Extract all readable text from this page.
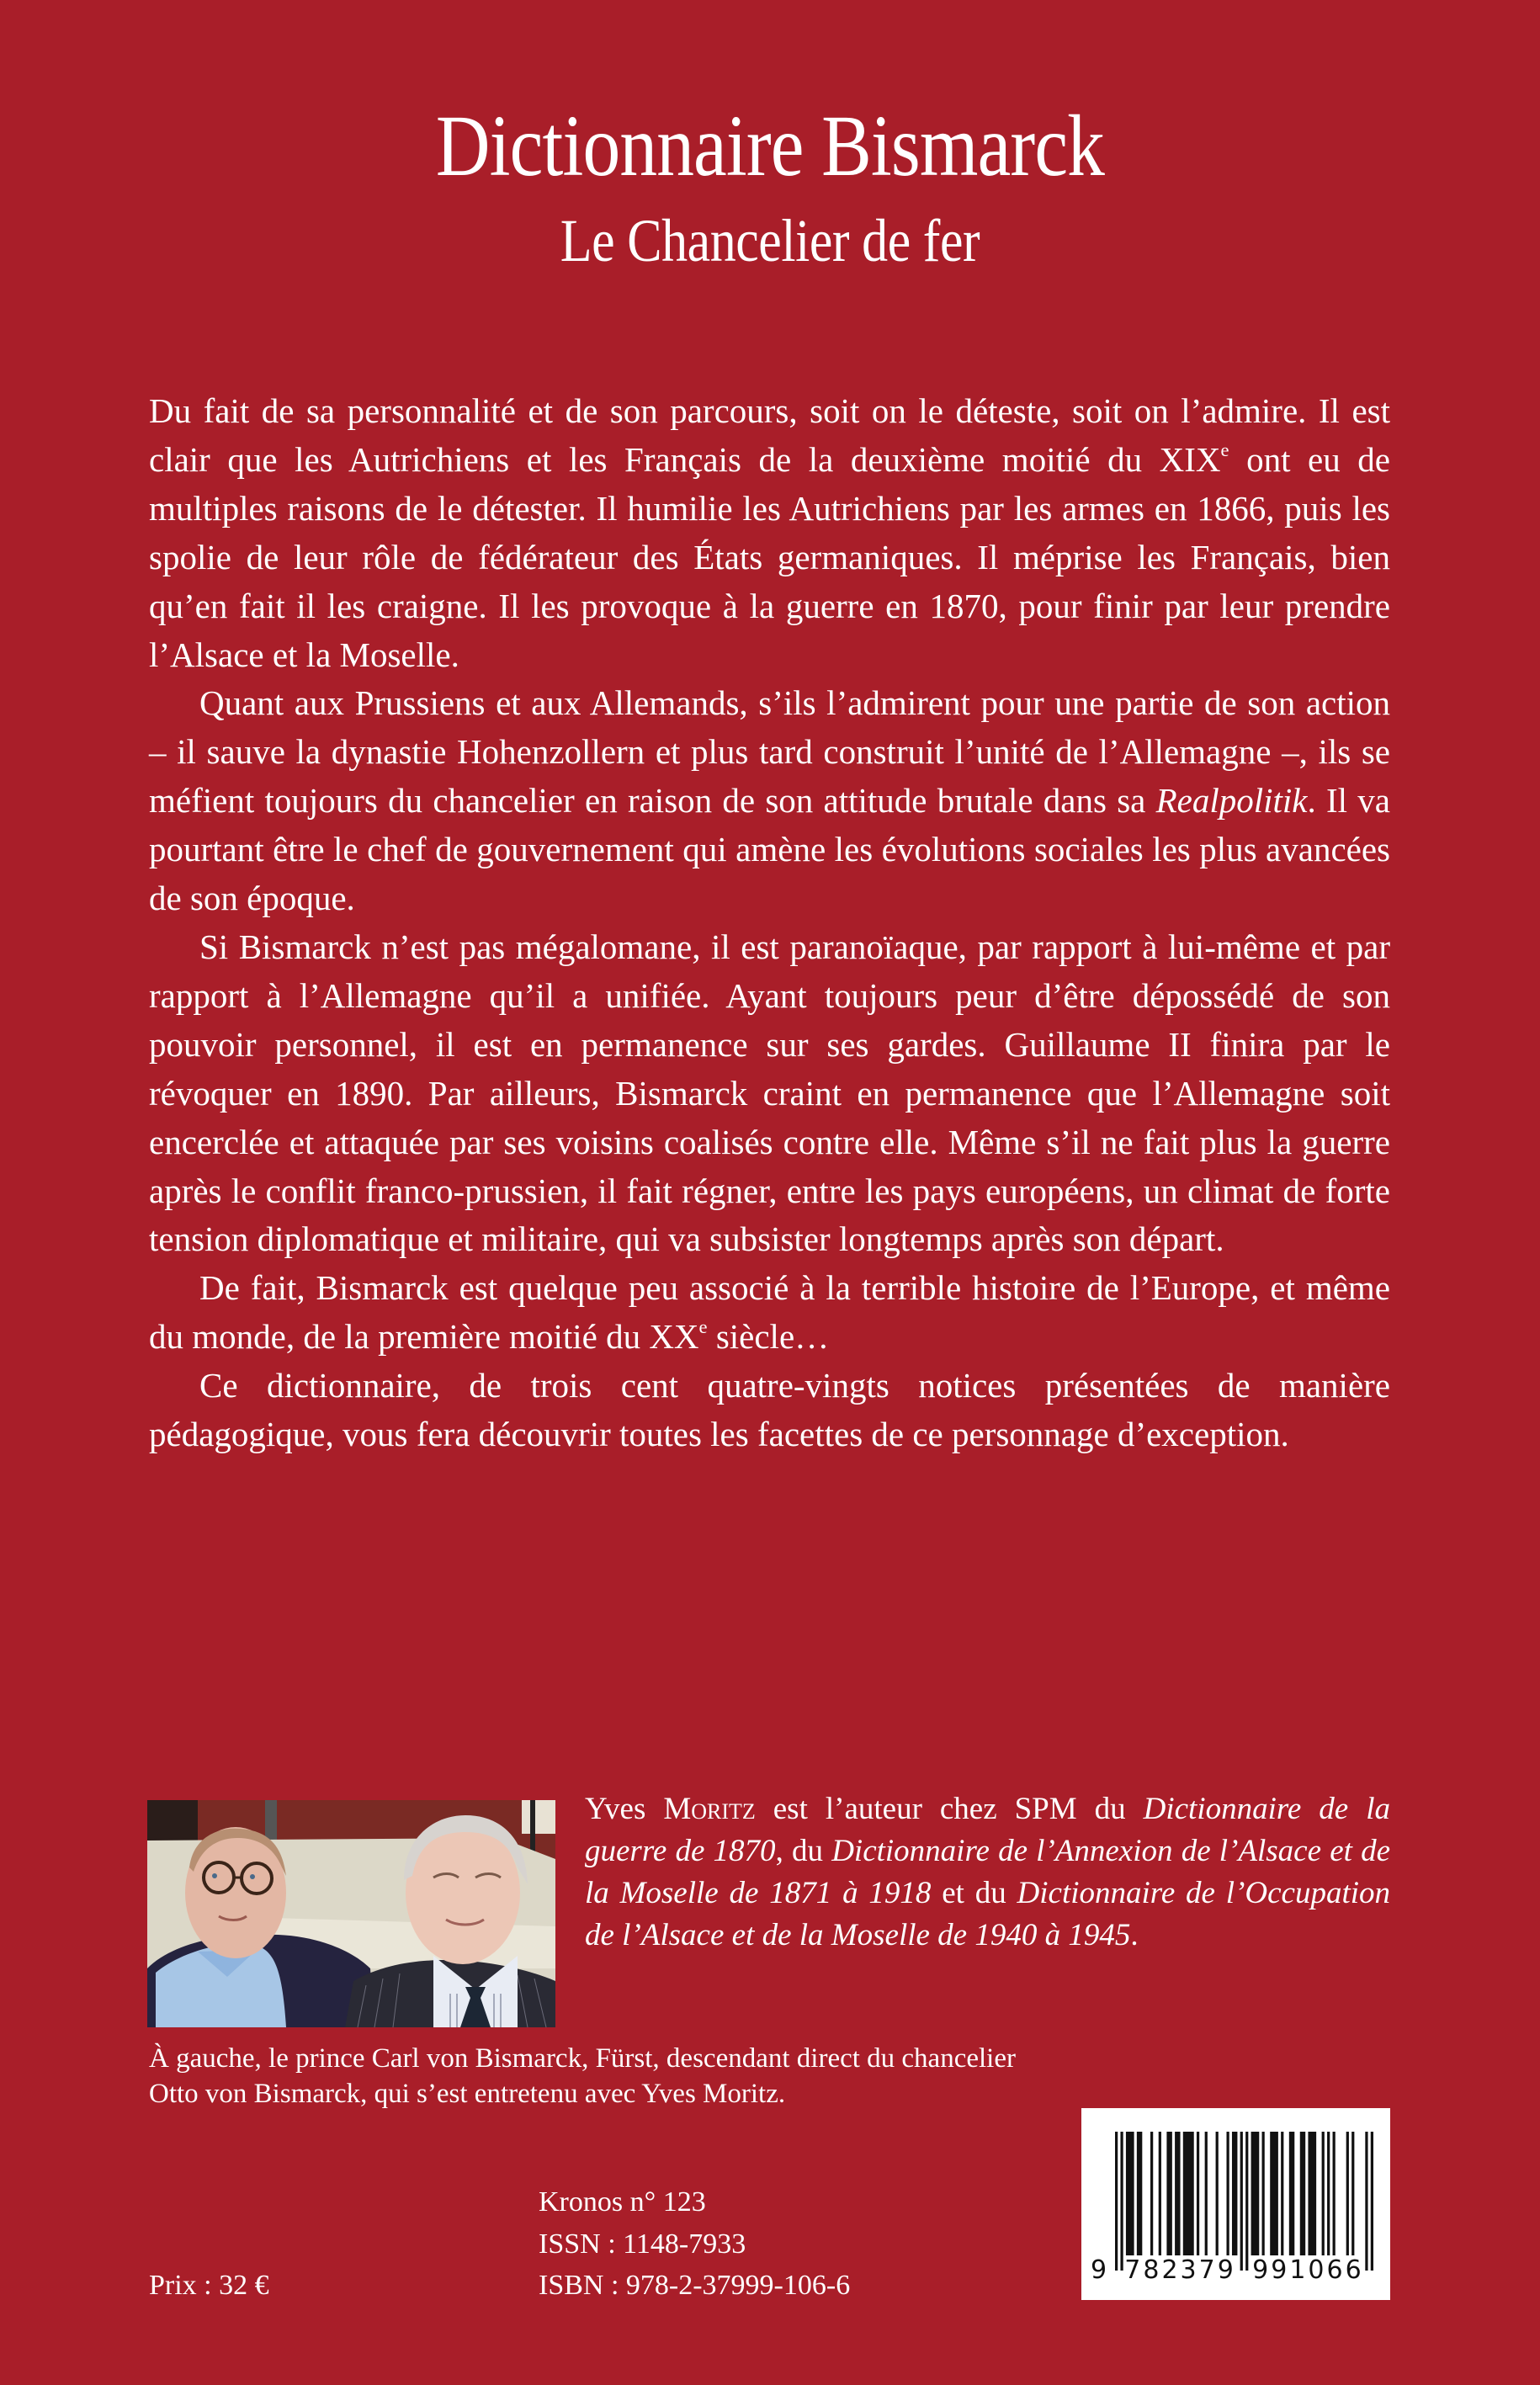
Dictionnaire Bismarck
Le Chancelier de fer

Du fait de sa personnalité et de son parcours, soit on le déteste, soit on l’admire. Il est clair que les Autrichiens et les Français de la deuxième moitié du XIXe ont eu de multiples raisons de le détester. Il humilie les Autrichiens par les armes en 1866, puis les spolie de leur rôle de fédérateur des États germaniques. Il méprise les Français, bien qu’en fait il les craigne. Il les provoque à la guerre en 1870, pour finir par leur prendre l’Alsace et la Moselle.

Quant aux Prussiens et aux Allemands, s’ils l’admirent pour une partie de son action – il sauve la dynastie Hohenzollern et plus tard construit l’unité de l’Allemagne –, ils se méfient toujours du chancelier en raison de son attitude brutale dans sa Realpolitik. Il va pourtant être le chef de gouvernement qui amène les évolutions sociales les plus avancées de son époque.

Si Bismarck n’est pas mégalomane, il est paranoïaque, par rapport à lui-même et par rapport à l’Allemagne qu’il a unifiée. Ayant toujours peur d’être dépossédé de son pouvoir personnel, il est en permanence sur ses gardes. Guillaume II finira par le révoquer en 1890. Par ailleurs, Bismarck craint en permanence que l’Allemagne soit encerclée et attaquée par ses voisins coalisés contre elle. Même s’il ne fait plus la guerre après le conflit franco-prussien, il fait régner, entre les pays européens, un climat de forte tension diplomatique et militaire, qui va subsister longtemps après son départ.

De fait, Bismarck est quelque peu associé à la terrible histoire de l’Europe, et même du monde, de la première moitié du XXe siècle…

Ce dictionnaire, de trois cent quatre-vingts notices présentées de manière pédagogique, vous fera découvrir toutes les facettes de ce personnage d’exception.

Yves Moritz est l’auteur chez SPM du Dictionnaire de la guerre de 1870, du Dictionnaire de l’Annexion de l’Alsace et de la Moselle de 1871 à 1918 et du Dictionnaire de l’Occupation de l’Alsace et de la Moselle de 1940 à 1945.

À gauche, le prince Carl von Bismarck, Fürst, descendant direct du chancelier
Otto von Bismarck, qui s’est entretenu avec Yves Moritz.
Kronos n° 123
ISSN : 1148-7933
ISBN : 978-2-37999-106-6
Prix : 32 €	9 782379 991066
